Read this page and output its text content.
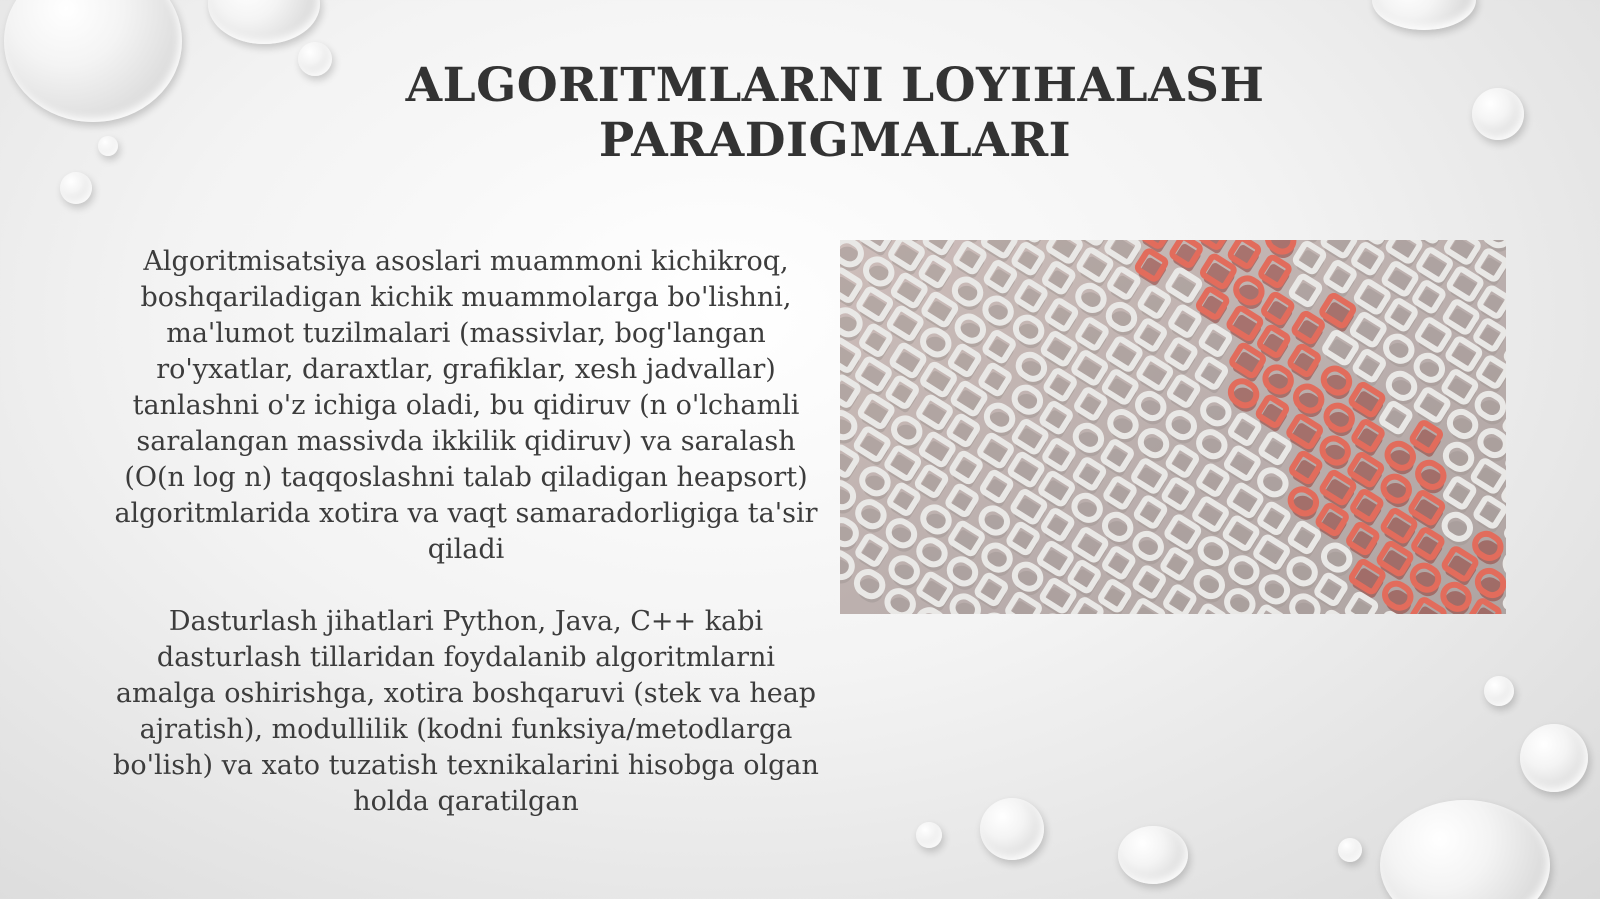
ALGORITMLARNI LOYIHALASH PARADIGMALARI

Algoritmisatsiya asoslari muammoni kichikroq, boshqariladigan kichik muammolarga bo'lishni, ma'lumot tuzilmalari (massivlar, bog'langan ro'yxatlar, daraxtlar, grafiklar, xesh jadvallar) tanlashni o'z ichiga oladi, bu qidiruv (n o'lchamli saralangan massivda ikkilik qidiruv) va saralash (O(n log n) taqqoslashni talab qiladigan heapsort) algoritmlarida xotira va vaqt samaradorligiga ta'sir qiladi

Dasturlash jihatlari Python, Java, C++ kabi dasturlash tillaridan foydalanib algoritmlarni amalga oshirishga, xotira boshqaruvi (stek va heap ajratish), modullilik (kodni funksiya/metodlarga bo'lish) va xato tuzatish texnikalarini hisobga olgan holda qaratilgan
